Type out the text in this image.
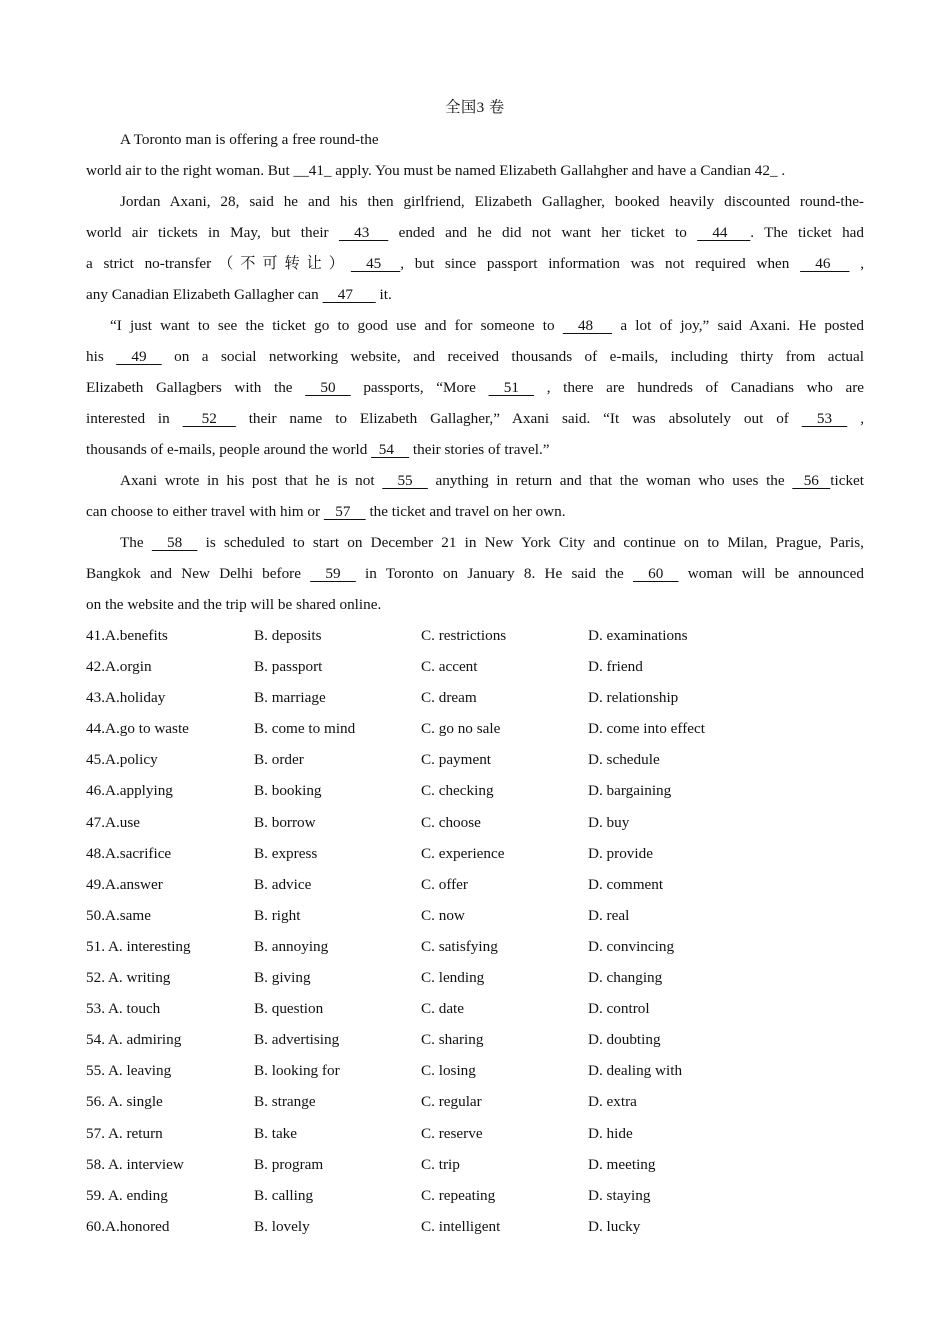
全国3 卷
A Toronto man is offering a free round-the
world air to the right woman. But __41_ apply. You must be named Elizabeth Gallahgher and have a Candian 42_ .
Jordan Axani, 28, said he and his then girlfriend, Elizabeth Gallagher, booked heavily discounted round-the-
world air tickets in May, but their     43      ended and he did not want her ticket to     44      . The ticket had
a strict no-transfer（不可转让）    45     , but since passport information was not required when     46      ,
any Canadian Elizabeth Gallagher can     47       it.
“I just want to see the ticket go to good use and for someone to     48      a lot of joy,” said Axani. He posted
his     49     on a social networking website, and received thousands of e-mails, including thirty from actual
Elizabeth Gallagbers with the     50     passports, “More     51     , there are hundreds of Canadians who are
interested in      52      their name to Elizabeth Gallagher,” Axani said. “It was absolutely out of     53     ,
thousands of e-mails, people around the world   54     their stories of travel.”
Axani wrote in his post that he is not     55     anything in return and that the woman who uses the    56   ticket
can choose to either travel with him or    57     the ticket and travel on her own.
The     58     is scheduled to start on December 21 in New York City and continue on to Milan, Prague, Paris,
Bangkok and New Delhi before     59     in Toronto on January 8. He said the     60     woman will be announced
on the website and the trip will be shared online.
41.A.benefits	B. deposits	C. restrictions	D. examinations
42.A.orgin	B. passport	C. accent	D. friend
43.A.holiday	B. marriage	C. dream	D. relationship
44.A.go to waste	B. come to mind	C. go no sale	D. come into effect
45.A.policy	B. order	C. payment	D. schedule
46.A.applying	B. booking	C. checking	D. bargaining
47.A.use	B. borrow	C. choose	D. buy
48.A.sacrifice	B. express	C. experience	D. provide
49.A.answer	B. advice	C. offer	D. comment
50.A.same	B. right	C. now	D. real
51. A. interesting	B. annoying	C. satisfying	D. convincing
52. A. writing	B. giving	C. lending	D. changing
53. A. touch	B. question	C. date	D. control
54. A. admiring	B. advertising	C. sharing	D. doubting
55. A. leaving	B. looking for	C. losing	D. dealing with
56. A. single	B. strange	C. regular	D. extra
57. A. return	B. take	C. reserve	D. hide
58. A. interview	B. program	C. trip	D. meeting
59. A. ending	B. calling	C. repeating	D. staying
60.A.honored	B. lovely	C. intelligent	D. lucky
